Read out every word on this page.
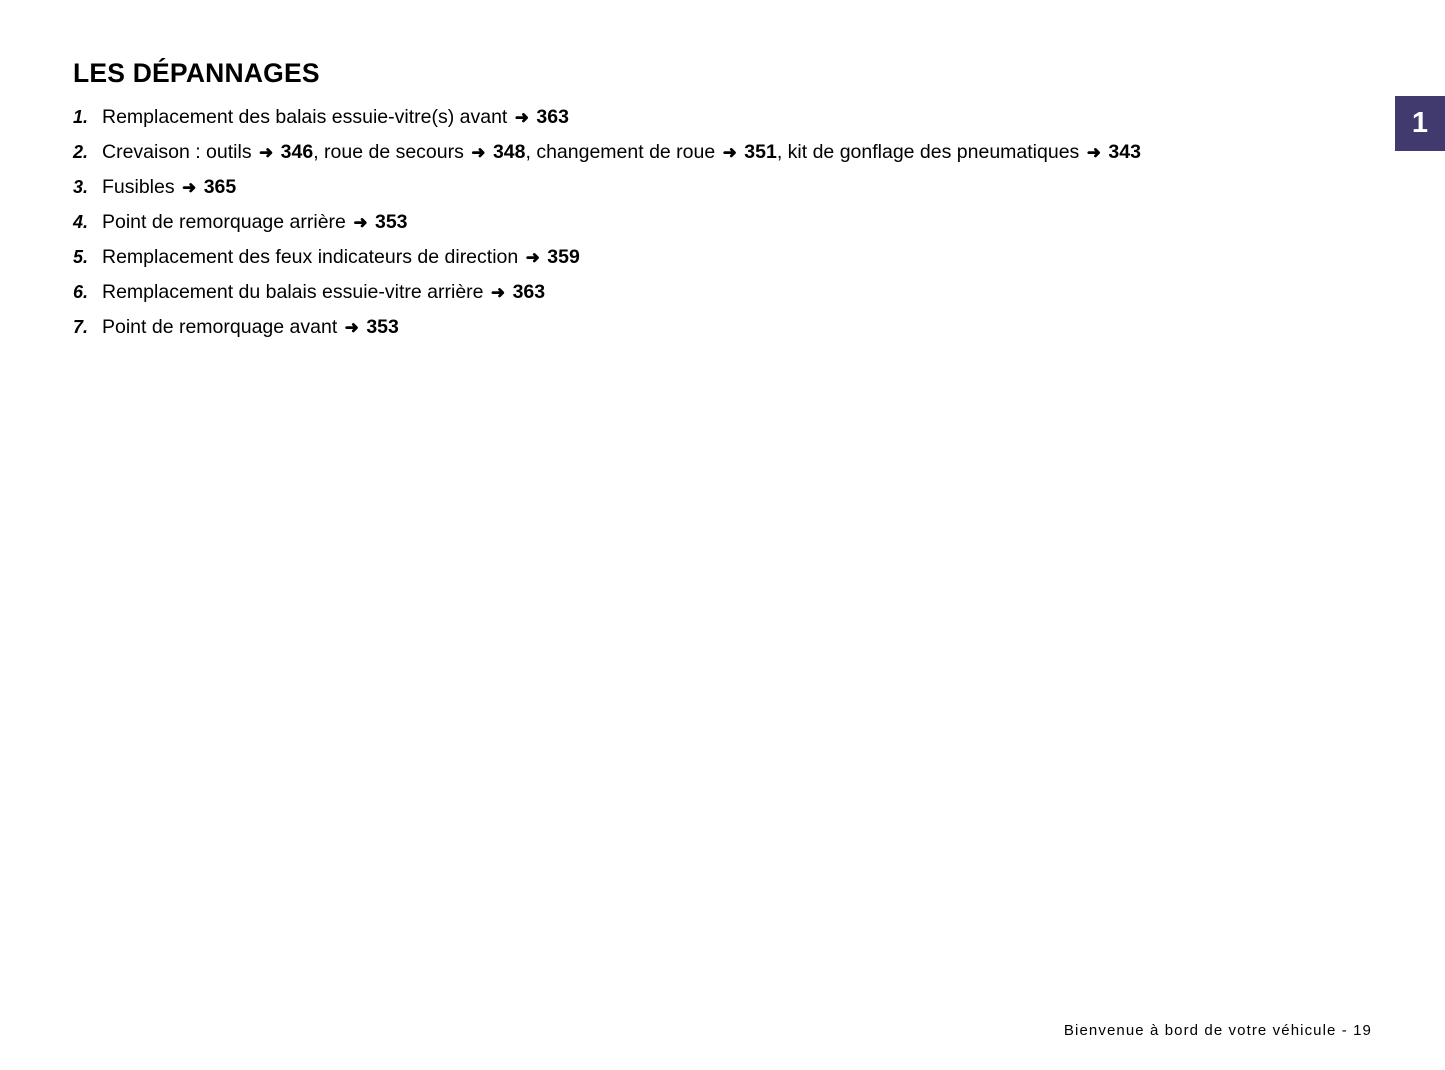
1
LES DÉPANNAGES
1. Remplacement des balais essuie-vitre(s) avant ➜ 363
2. Crevaison : outils ➜ 346, roue de secours ➜ 348, changement de roue ➜ 351, kit de gonflage des pneumatiques ➜ 343
3. Fusibles ➜ 365
4. Point de remorquage arrière ➜ 353
5. Remplacement des feux indicateurs de direction ➜ 359
6. Remplacement du balais essuie-vitre arrière ➜ 363
7. Point de remorquage avant ➜ 353
Bienvenue à bord de votre véhicule - 19
